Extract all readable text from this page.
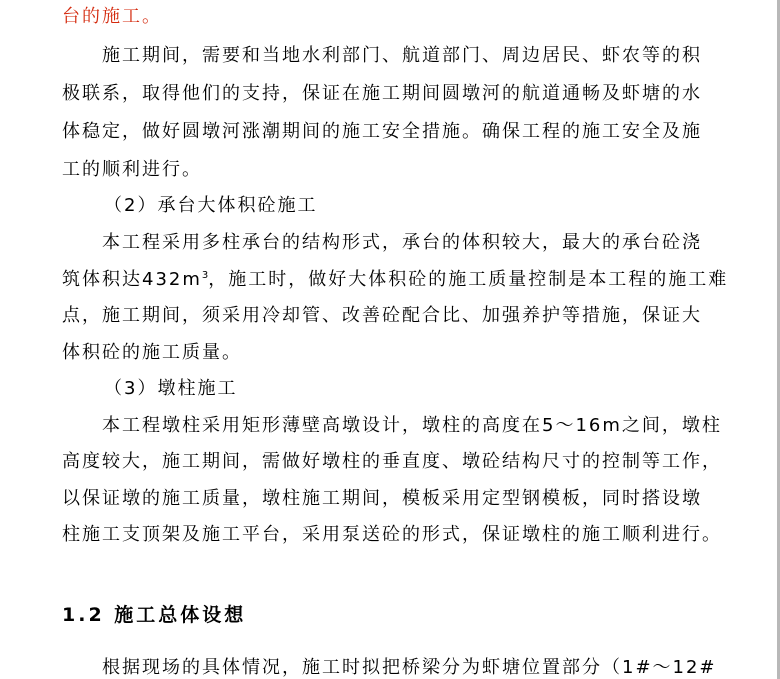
台的施工。
施工期间，需要和当地水利部门、航道部门、周边居民、虾农等的积
极联系，取得他们的支持，保证在施工期间圆墩河的航道通畅及虾塘的水
体稳定，做好圆墩河涨潮期间的施工安全措施。确保工程的施工安全及施
工的顺利进行。
（2）承台大体积砼施工
本工程采用多柱承台的结构形式，承台的体积较大，最大的承台砼浇
筑体积达$432m^3$，施工时，做好大体积砼的施工质量控制是本工程的施工难
点，施工期间，须采用冷却管、改善砼配合比、加强养护等措施，保证大
体积砼的施工质量。
（3）墩柱施工
本工程墩柱采用矩形薄壁高墩设计，墩柱的高度在5～16m之间，墩柱
高度较大，施工期间，需做好墩柱的垂直度、墩砼结构尺寸的控制等工作，
以保证墩的施工质量，墩柱施工期间，模板采用定型钢模板，同时搭设墩
柱施工支顶架及施工平台，采用泵送砼的形式，保证墩柱的施工顺利进行。
1.2 施工总体设想
根据现场的具体情况，施工时拟把桥梁分为虾塘位置部分（1#～12#
